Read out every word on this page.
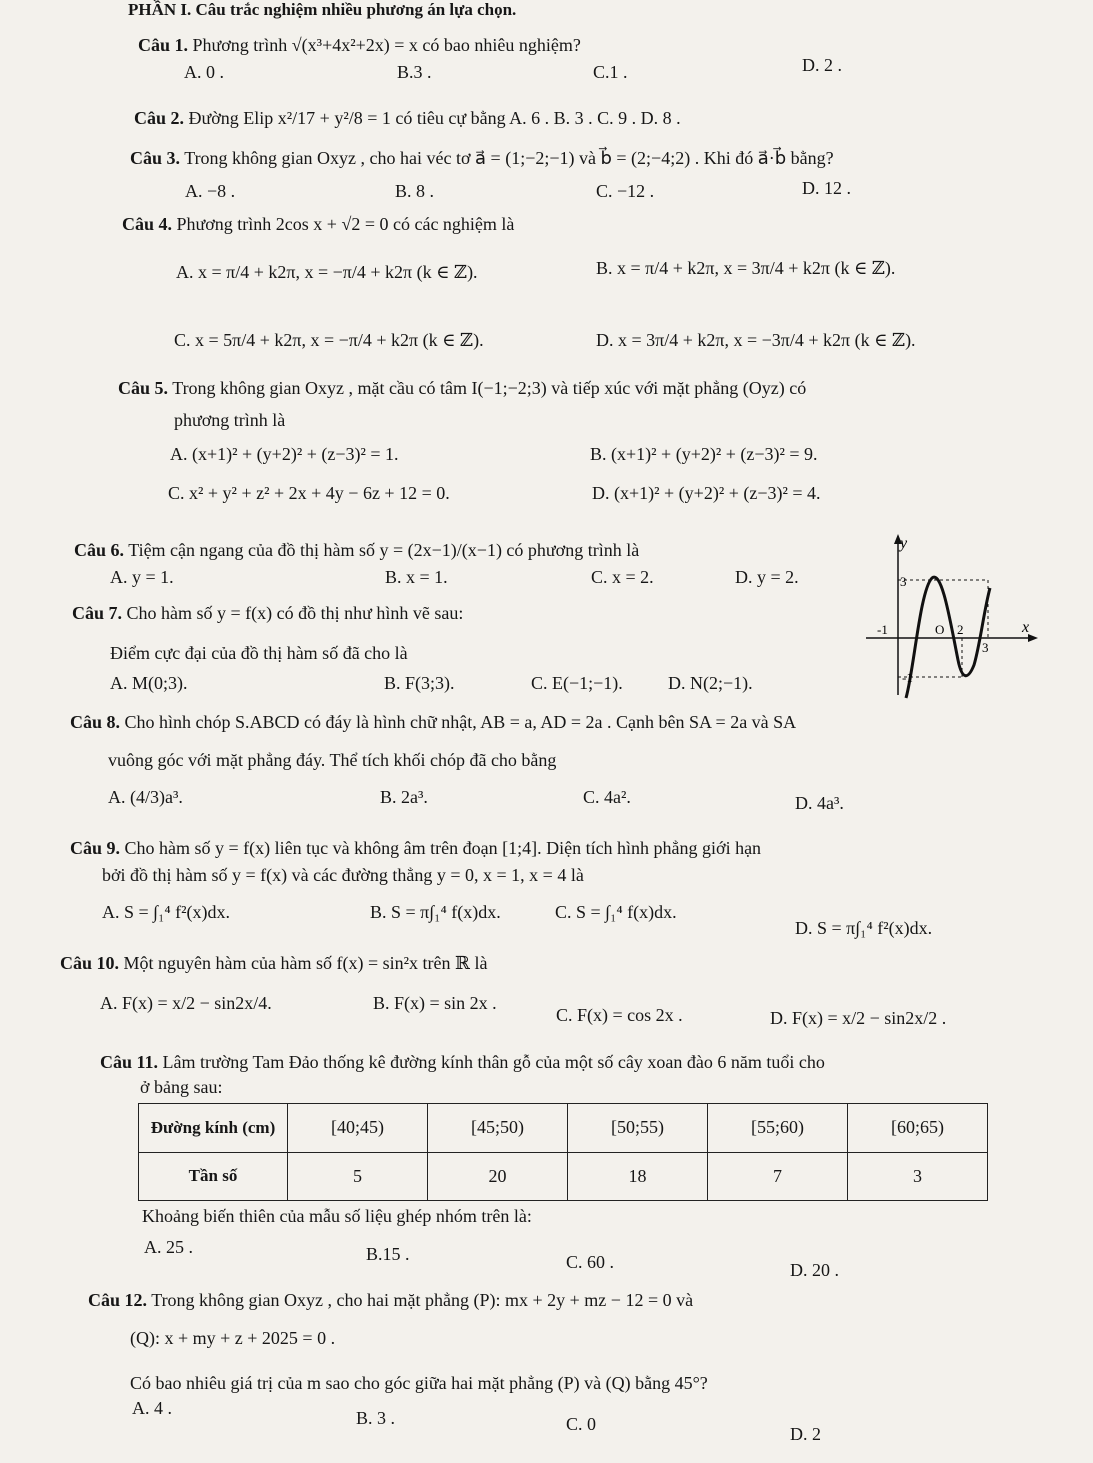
PHẦN I. Câu trắc nghiệm nhiều phương án lựa chọn.
Câu 1. Phương trình √(x³+4x²+2x) = x có bao nhiêu nghiệm?
A. 0 .	B.3 .	C.1 .	D. 2 .
Câu 2. Đường Elip x²/17 + y²/8 = 1 có tiêu cự bằng A. 6 . B. 3 . C. 9 . D. 8 .
Câu 3. Trong không gian Oxyz , cho hai véc tơ a⃗ = (1;−2;−1) và b⃗ = (2;−4;2) . Khi đó a⃗·b⃗ bằng?
A. −8 .	B. 8 .	C. −12 .	D. 12 .
Câu 4. Phương trình 2cos x + √2 = 0 có các nghiệm là
A. x = π/4 + k2π, x = −π/4 + k2π (k ∈ ℤ).	B. x = π/4 + k2π, x = 3π/4 + k2π (k ∈ ℤ).
C. x = 5π/4 + k2π, x = −π/4 + k2π (k ∈ ℤ).	D. x = 3π/4 + k2π, x = −3π/4 + k2π (k ∈ ℤ).
Câu 5. Trong không gian Oxyz , mặt cầu có tâm I(−1;−2;3) và tiếp xúc với mặt phẳng (Oyz) có
phương trình là
A. (x+1)² + (y+2)² + (z−3)² = 1.	B. (x+1)² + (y+2)² + (z−3)² = 9.
C. x² + y² + z² + 2x + 4y − 6z + 12 = 0.	D. (x+1)² + (y+2)² + (z−3)² = 4.
Câu 6. Tiệm cận ngang của đồ thị hàm số y = (2x−1)/(x−1) có phương trình là
A. y = 1.	B. x = 1.	C. x = 2.	D. y = 2.
Câu 7. Cho hàm số y = f(x) có đồ thị như hình vẽ sau:
Điểm cực đại của đồ thị hàm số đã cho là
A. M(0;3).	B. F(3;3).	C. E(−1;−1).	D. N(2;−1).
y
x
O
3
-1	2
3
-1
Câu 8. Cho hình chóp S.ABCD có đáy là hình chữ nhật, AB = a, AD = 2a . Cạnh bên SA = 2a và SA
vuông góc với mặt phẳng đáy. Thể tích khối chóp đã cho bằng
A. (4/3)a³.	B. 2a³.	C. 4a².	D. 4a³.
Câu 9. Cho hàm số y = f(x) liên tục và không âm trên đoạn [1;4]. Diện tích hình phẳng giới hạn
bởi đồ thị hàm số y = f(x) và các đường thẳng y = 0, x = 1, x = 4 là
A. S = ∫₁⁴ f²(x)dx.	B. S = π∫₁⁴ f(x)dx.	C. S = ∫₁⁴ f(x)dx.
D. S = π∫₁⁴ f²(x)dx.
Câu 10. Một nguyên hàm của hàm số f(x) = sin²x trên ℝ là
A. F(x) = x/2 − sin2x/4.	B. F(x) = sin 2x .
C. F(x) = cos 2x .	D. F(x) = x/2 − sin2x/2 .
Câu 11. Lâm trường Tam Đảo thống kê đường kính thân gỗ của một số cây xoan đào 6 năm tuổi cho
ở bảng sau:
Đường kính (cm)	[40;45)	[45;50)	[50;55)	[55;60)	[60;65)
Tần số	5	20	18	7	3
Khoảng biến thiên của mẫu số liệu ghép nhóm trên là:
A. 25 .	B.15 .	C. 60 .	D. 20 .
Câu 12. Trong không gian Oxyz , cho hai mặt phẳng (P): mx + 2y + mz − 12 = 0 và
(Q): x + my + z + 2025 = 0 .
Có bao nhiêu giá trị của m sao cho góc giữa hai mặt phẳng (P) và (Q) bằng 45°?
A. 4 .	B. 3 .	C. 0	D. 2
